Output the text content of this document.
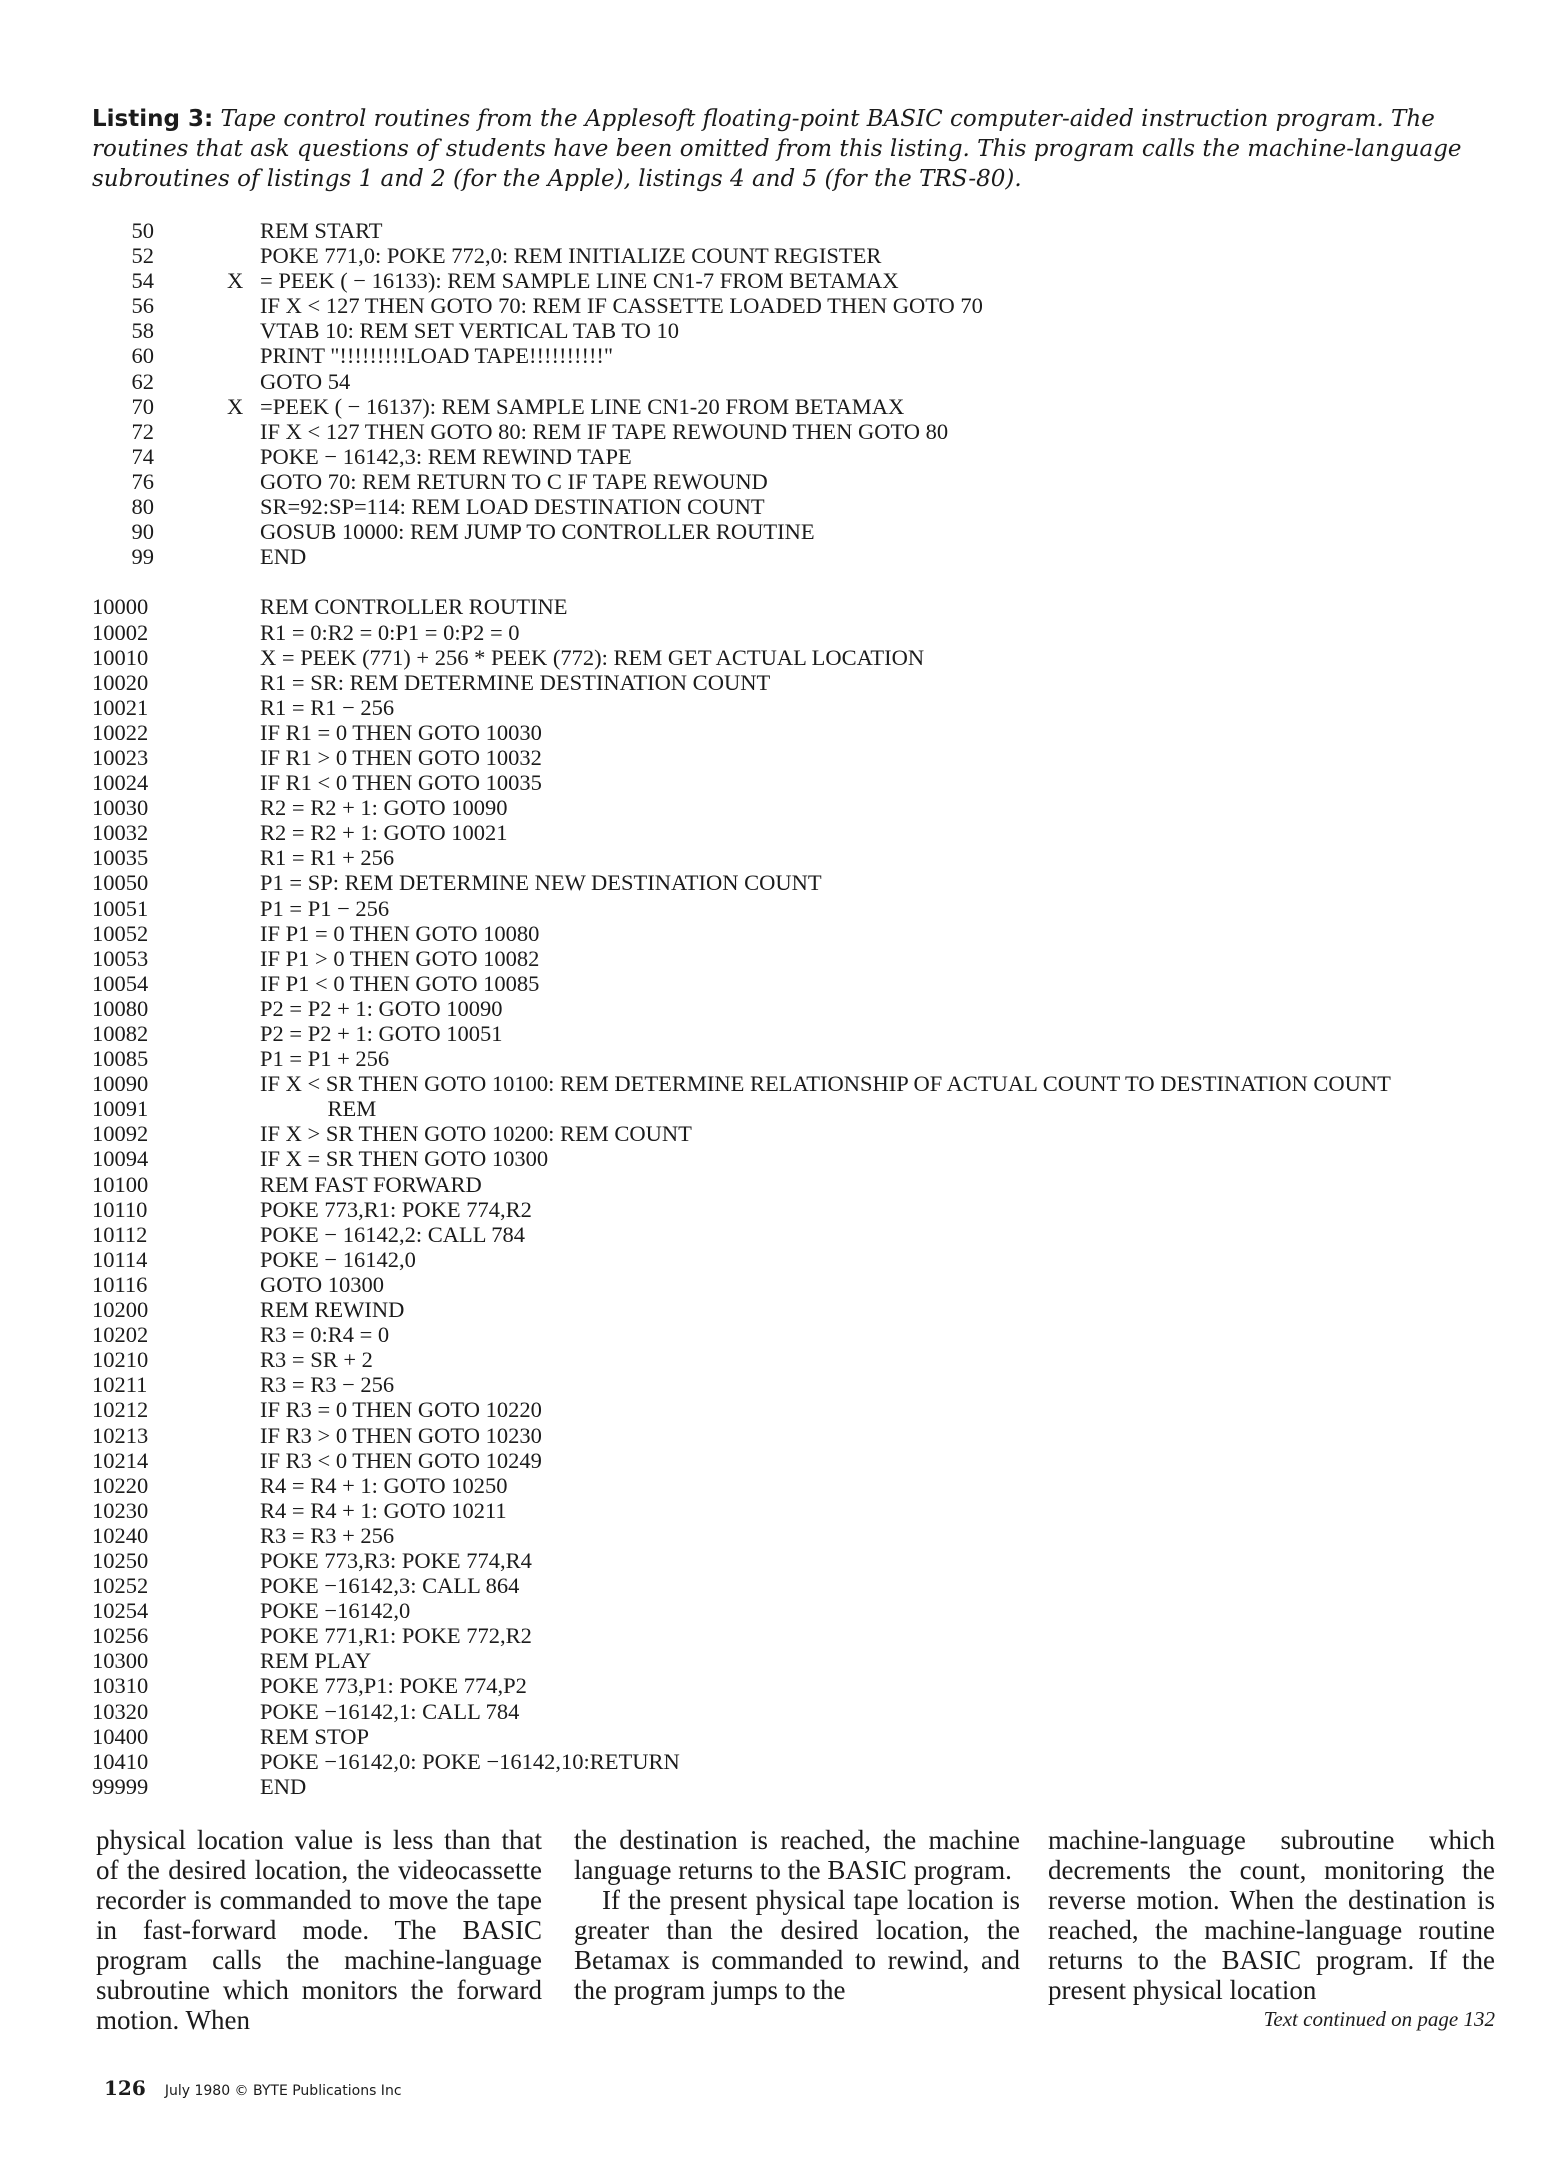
Listing 3: Tape control routines from the Applesoft floating-point BASIC computer-aided instruction program. The routines that ask questions of students have been omitted from this listing. This program calls the machine-language subroutines of listings 1 and 2 (for the Apple), listings 4 and 5 (for the TRS-80).
50	REM START
52	POKE 771,0: POKE 772,0: REM INITIALIZE COUNT REGISTER
54	X = PEEK ( − 16133): REM SAMPLE LINE CN1-7 FROM BETAMAX
56	IF X < 127 THEN GOTO 70: REM IF CASSETTE LOADED THEN GOTO 70
58	VTAB 10: REM SET VERTICAL TAB TO 10
60	PRINT "!!!!!!!!!LOAD TAPE!!!!!!!!!!"
62	GOTO 54
70	X =PEEK ( − 16137): REM SAMPLE LINE CN1-20 FROM BETAMAX
72	IF X < 127 THEN GOTO 80: REM IF TAPE REWOUND THEN GOTO 80
74	POKE − 16142,3: REM REWIND TAPE
76	GOTO 70: REM RETURN TO C IF TAPE REWOUND
80	SR=92:SP=114: REM LOAD DESTINATION COUNT
90	GOSUB 10000: REM JUMP TO CONTROLLER ROUTINE
99	END
10000	REM CONTROLLER ROUTINE
10002	R1 = 0:R2 = 0:P1 = 0:P2 = 0
10010	X = PEEK (771) + 256 * PEEK (772): REM GET ACTUAL LOCATION
10020	R1 = SR: REM DETERMINE DESTINATION COUNT
10021	R1 = R1 − 256
10022	IF R1 = 0 THEN GOTO 10030
10023	IF R1 > 0 THEN GOTO 10032
10024	IF R1 < 0 THEN GOTO 10035
10030	R2 = R2 + 1: GOTO 10090
10032	R2 = R2 + 1: GOTO 10021
10035	R1 = R1 + 256
10050	P1 = SP: REM DETERMINE NEW DESTINATION COUNT
10051	P1 = P1 − 256
10052	IF P1 = 0 THEN GOTO 10080
10053	IF P1 > 0 THEN GOTO 10082
10054	IF P1 < 0 THEN GOTO 10085
10080	P2 = P2 + 1: GOTO 10090
10082	P2 = P2 + 1: GOTO 10051
10085	P1 = P1 + 256
10090	IF X < SR THEN GOTO 10100: REM DETERMINE RELATIONSHIP OF ACTUAL COUNT TO DESTINATION COUNT
10091	REM
10092	IF X > SR THEN GOTO 10200: REM COUNT
10094	IF X = SR THEN GOTO 10300
10100	REM FAST FORWARD
10110	POKE 773,R1: POKE 774,R2
10112	POKE − 16142,2: CALL 784
10114	POKE − 16142,0
10116	GOTO 10300
10200	REM REWIND
10202	R3 = 0:R4 = 0
10210	R3 = SR + 2
10211	R3 = R3 − 256
10212	IF R3 = 0 THEN GOTO 10220
10213	IF R3 > 0 THEN GOTO 10230
10214	IF R3 < 0 THEN GOTO 10249
10220	R4 = R4 + 1: GOTO 10250
10230	R4 = R4 + 1: GOTO 10211
10240	R3 = R3 + 256
10250	POKE 773,R3: POKE 774,R4
10252	POKE −16142,3: CALL 864
10254	POKE −16142,0
10256	POKE 771,R1: POKE 772,R2
10300	REM PLAY
10310	POKE 773,P1: POKE 774,P2
10320	POKE −16142,1: CALL 784
10400	REM STOP
10410	POKE −16142,0: POKE −16142,10:RETURN
99999	END

physical location value is less than that of the desired location, the videocassette recorder is commanded to move the tape in fast-forward mode. The BASIC program calls the machine-language subroutine which monitors the forward motion. When

the destination is reached, the machine language returns to the BASIC program.

If the present physical tape location is greater than the desired location, the Betamax is commanded to rewind, and the program jumps to the

machine-language subroutine which decrements the count, monitoring the reverse motion. When the destination is reached, the machine-language routine returns to the BASIC program. If the present physical location

Text continued on page 132
126 July 1980 © BYTE Publications Inc
